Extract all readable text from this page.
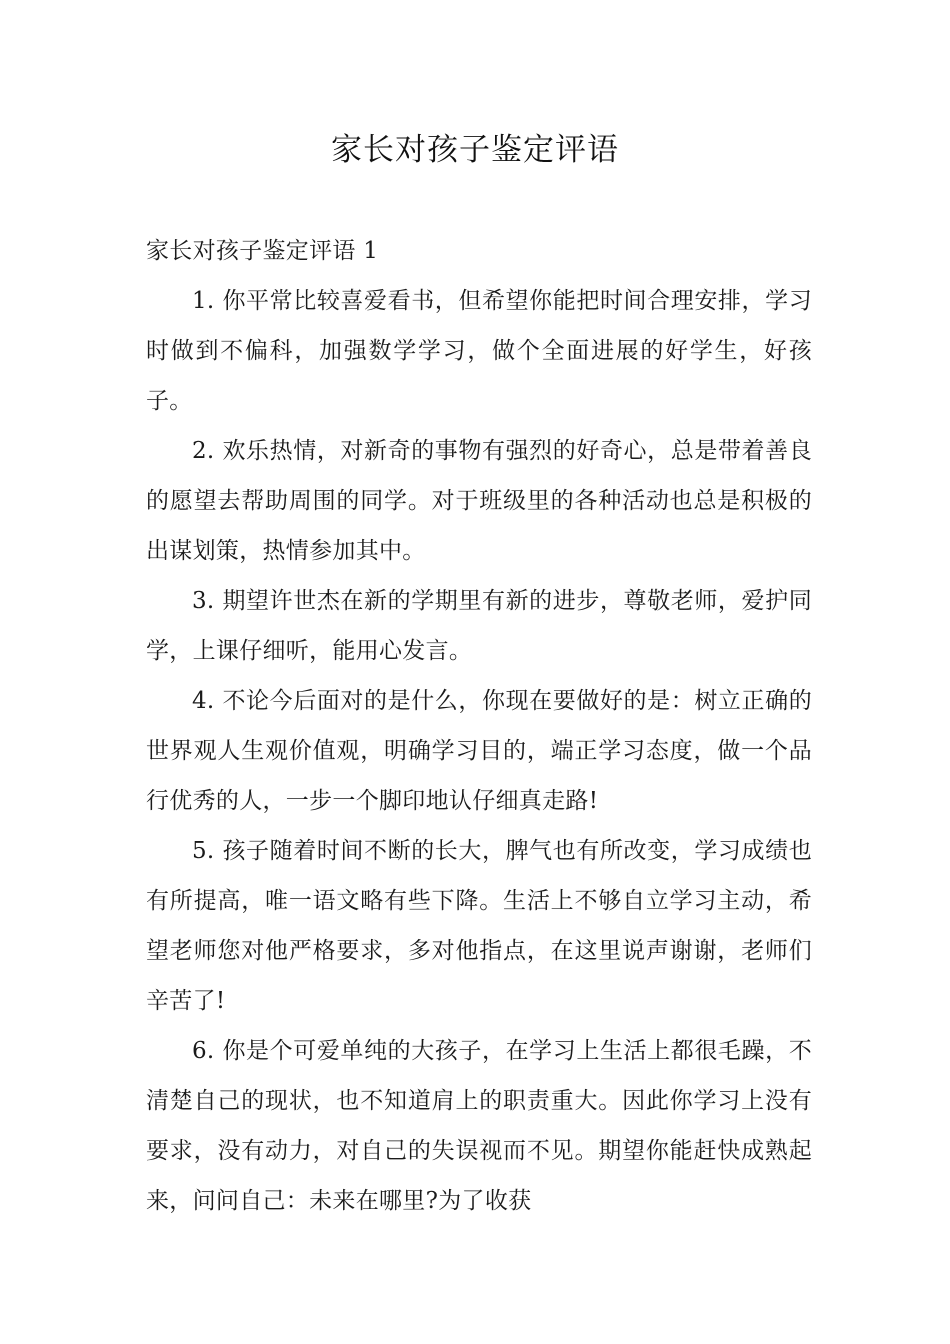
家长对孩子鉴定评语
家长对孩子鉴定评语 1

1. 你平常比较喜爱看书，但希望你能把时间合理安排，学习时做到不偏科，加强数学学习，做个全面进展的好学生，好孩子。

2. 欢乐热情，对新奇的事物有强烈的好奇心，总是带着善良的愿望去帮助周围的同学。对于班级里的各种活动也总是积极的出谋划策，热情参加其中。

3. 期望许世杰在新的学期里有新的进步，尊敬老师，爱护同学，上课仔细听，能用心发言。

4. 不论今后面对的是什么，你现在要做好的是：树立正确的世界观人生观价值观，明确学习目的，端正学习态度，做一个品行优秀的人，一步一个脚印地认仔细真走路!

5. 孩子随着时间不断的长大，脾气也有所改变，学习成绩也有所提高，唯一语文略有些下降。生活上不够自立学习主动，希望老师您对他严格要求，多对他指点，在这里说声谢谢，老师们辛苦了!

6. 你是个可爱单纯的大孩子，在学习上生活上都很毛躁，不清楚自己的现状，也不知道肩上的职责重大。因此你学习上没有要求，没有动力，对自己的失误视而不见。期望你能赶快成熟起来，问问自己：未来在哪里?为了收获
